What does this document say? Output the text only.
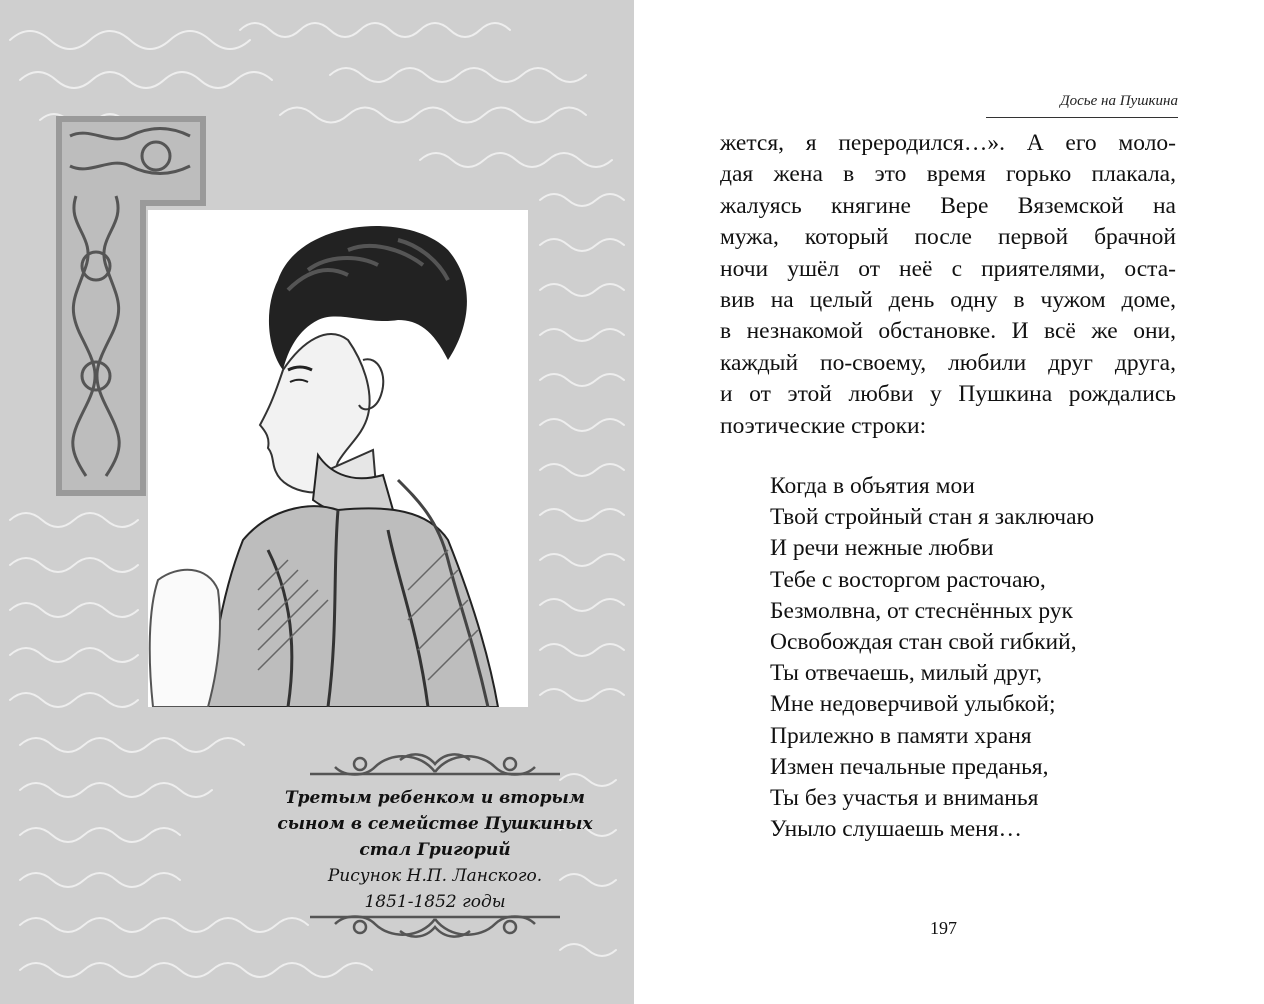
Третым ребенком и вторым
сыном в семействе Пушкиных
стал Григорий
Рисунок Н.П. Ланского.
1851-1852 годы
Досье на Пушкина
жется, я переродился…». А его моло-
дая жена в это время горько плакала,
жалуясь княгине Вере Вяземской на
мужа, который после первой брачной
ночи ушёл от неё с приятелями, оста-
вив на целый день одну в чужом доме,
в незнакомой обстановке. И всё же они,
каждый по-своему, любили друг друга,
и от этой любви у Пушкина рождались
поэтические строки:
Когда в объятия мои
Твой стройный стан я заключаю
И речи нежные любви
Тебе с восторгом расточаю,
Безмолвна, от стеснённых рук
Освобождая стан свой гибкий,
Ты отвечаешь, милый друг,
Мне недоверчивой улыбкой;
Прилежно в памяти храня
Измен печальные преданья,
Ты без участья и вниманья
Уныло слушаешь меня…
197
